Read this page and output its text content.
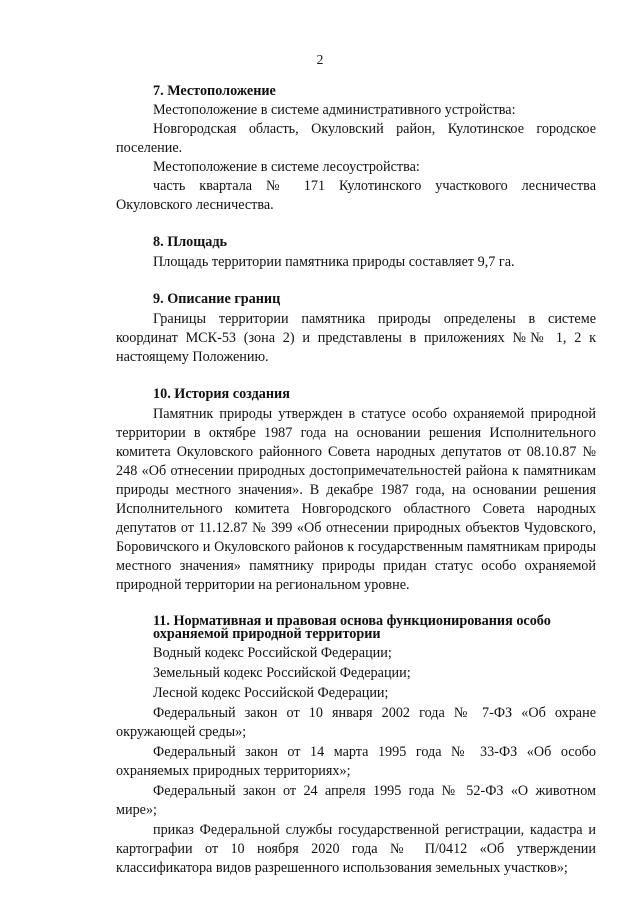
2
7. Местоположение

Местоположение в системе административного устройства:

Новгородская область, Окуловский район, Кулотинское городское поселение.

Местоположение в системе лесоустройства:

часть квартала № 171 Кулотинского участкового лесничества Окуловского лесничества.

8. Площадь

Площадь территории памятника природы составляет 9,7 га.

9. Описание границ

Границы территории памятника природы определены в системе координат МСК-53 (зона 2) и представлены в приложениях №№ 1, 2 к настоящему Положению.

10. История создания

Памятник природы утвержден в статусе особо охраняемой природной территории в октябре 1987 года на основании решения Исполнительного комитета Окуловского районного Совета народных депутатов от 08.10.87 № 248 «Об отнесении природных достопримечательностей района к памятникам природы местного значения». В декабре 1987 года, на основании решения Исполнительного комитета Новгородского областного Совета народных депутатов от 11.12.87 № 399 «Об отнесении природных объектов Чудовского, Боровичского и Окуловского районов к государственным памятникам природы местного значения» памятнику природы придан статус особо охраняемой природной территории на региональном уровне.

11. Нормативная и правовая основа функционирования особо охраняемой природной территории

Водный кодекс Российской Федерации;

Земельный кодекс Российской Федерации;

Лесной кодекс Российской Федерации;

Федеральный закон от 10 января 2002 года № 7-ФЗ «Об охране окружающей среды»;

Федеральный закон от 14 марта 1995 года № 33-ФЗ «Об особо охраняемых природных территориях»;

Федеральный закон от 24 апреля 1995 года № 52-ФЗ «О животном мире»;

приказ Федеральной службы государственной регистрации, кадастра и картографии от 10 ноября 2020 года № П/0412 «Об утверждении классификатора видов разрешенного использования земельных участков»;
